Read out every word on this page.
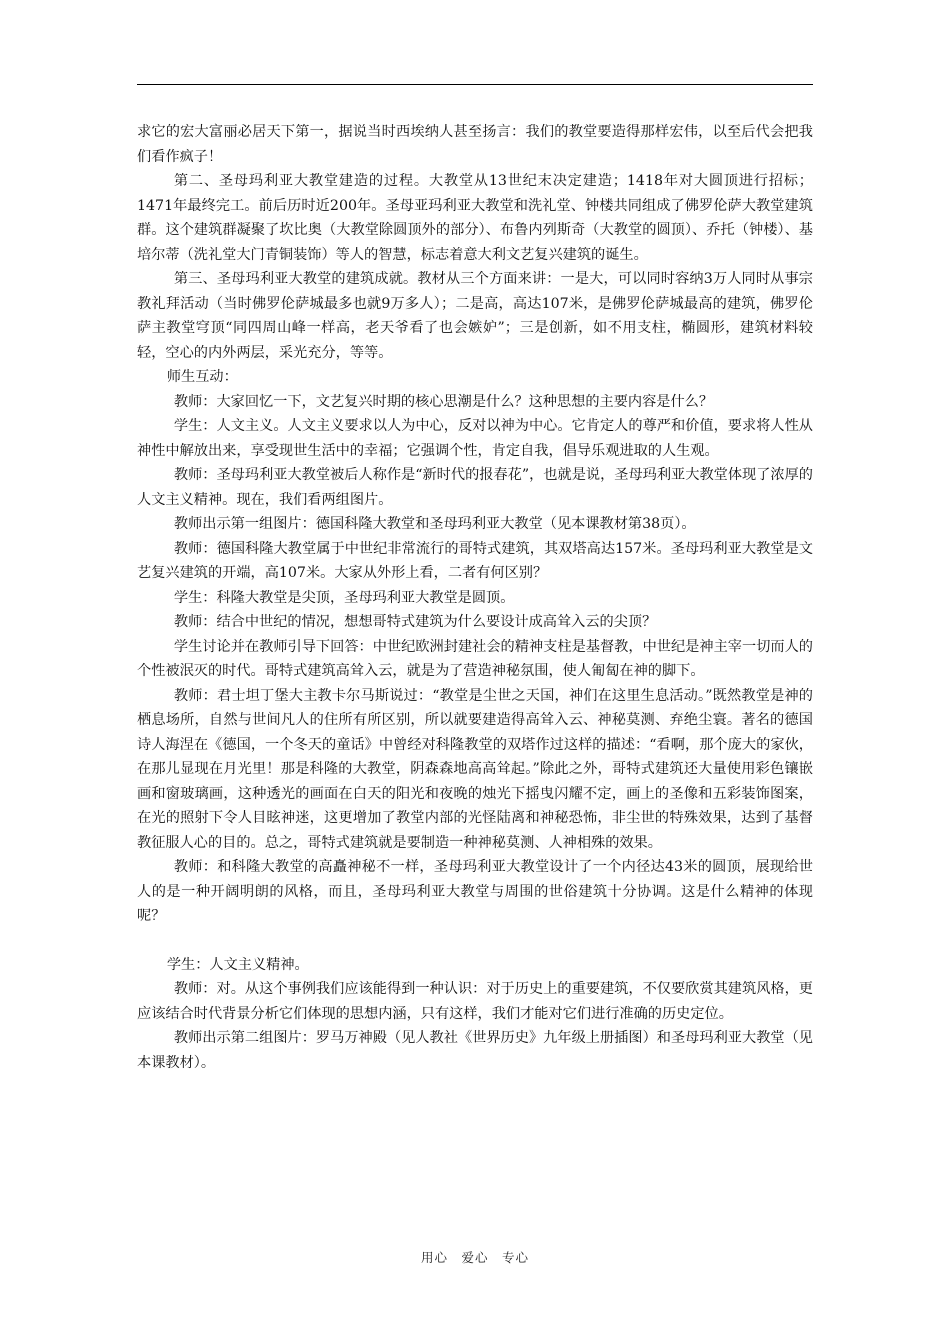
求它的宏大富丽必居天下第一，据说当时西埃纳人甚至扬言：我们的教堂要造得那样宏伟，以至后代会把我们看作疯子！

第二、圣母玛利亚大教堂建造的过程。大教堂从13世纪末决定建造；1418年对大圆顶进行招标；1471年最终完工。前后历时近200年。圣母亚玛利亚大教堂和洗礼堂、钟楼共同组成了佛罗伦萨大教堂建筑群。这个建筑群凝聚了坎比奥（大教堂除圆顶外的部分）、布鲁内列斯奇（大教堂的圆顶）、乔托（钟楼）、基培尔蒂（洗礼堂大门青铜装饰）等人的智慧，标志着意大利文艺复兴建筑的诞生。

第三、圣母玛利亚大教堂的建筑成就。教材从三个方面来讲：一是大，可以同时容纳3万人同时从事宗教礼拜活动（当时佛罗伦萨城最多也就9万多人）；二是高，高达107米，是佛罗伦萨城最高的建筑，佛罗伦萨主教堂穹顶“同四周山峰一样高，老天爷看了也会嫉妒”；三是创新，如不用支柱，椭圆形，建筑材料较轻，空心的内外两层，采光充分，等等。

师生互动：

教师：大家回忆一下，文艺复兴时期的核心思潮是什么？这种思想的主要内容是什么？

学生：人文主义。人文主义要求以人为中心，反对以神为中心。它肯定人的尊严和价值，要求将人性从神性中解放出来，享受现世生活中的幸福；它强调个性，肯定自我，倡导乐观进取的人生观。

教师：圣母玛利亚大教堂被后人称作是“新时代的报春花”，也就是说，圣母玛利亚大教堂体现了浓厚的人文主义精神。现在，我们看两组图片。

教师出示第一组图片：德国科隆大教堂和圣母玛利亚大教堂（见本课教材第38页）。

教师：德国科隆大教堂属于中世纪非常流行的哥特式建筑，其双塔高达157米。圣母玛利亚大教堂是文艺复兴建筑的开端，高107米。大家从外形上看，二者有何区别？

学生：科隆大教堂是尖顶，圣母玛利亚大教堂是圆顶。

教师：结合中世纪的情况，想想哥特式建筑为什么要设计成高耸入云的尖顶？

学生讨论并在教师引导下回答：中世纪欧洲封建社会的精神支柱是基督教，中世纪是神主宰一切而人的个性被泯灭的时代。哥特式建筑高耸入云，就是为了营造神秘氛围，使人匍匐在神的脚下。

教师：君士坦丁堡大主教卡尔马斯说过：“教堂是尘世之天国，神们在这里生息活动。”既然教堂是神的栖息场所，自然与世间凡人的住所有所区别，所以就要建造得高耸入云、神秘莫测、弃绝尘寰。著名的德国诗人海涅在《德国，一个冬天的童话》中曾经对科隆教堂的双塔作过这样的描述：“看啊，那个庞大的家伙，在那儿显现在月光里！那是科隆的大教堂，阴森森地高高耸起。”除此之外，哥特式建筑还大量使用彩色镶嵌画和窗玻璃画，这种透光的画面在白天的阳光和夜晚的烛光下摇曳闪耀不定，画上的圣像和五彩装饰图案，在光的照射下令人目眩神迷，这更增加了教堂内部的光怪陆离和神秘恐怖，非尘世的特殊效果，达到了基督教征服人心的目的。总之，哥特式建筑就是要制造一种神秘莫测、人神相殊的效果。

教师：和科隆大教堂的高矗神秘不一样，圣母玛利亚大教堂设计了一个内径达43米的圆顶，展现给世人的是一种开阔明朗的风格，而且，圣母玛利亚大教堂与周围的世俗建筑十分协调。这是什么精神的体现呢？

学生：人文主义精神。

教师：对。从这个事例我们应该能得到一种认识：对于历史上的重要建筑，不仅要欣赏其建筑风格，更应该结合时代背景分析它们体现的思想内涵，只有这样，我们才能对它们进行准确的历史定位。

教师出示第二组图片：罗马万神殿（见人教社《世界历史》九年级上册插图）和圣母玛利亚大教堂（见本课教材）。

用心　爱心　专心
